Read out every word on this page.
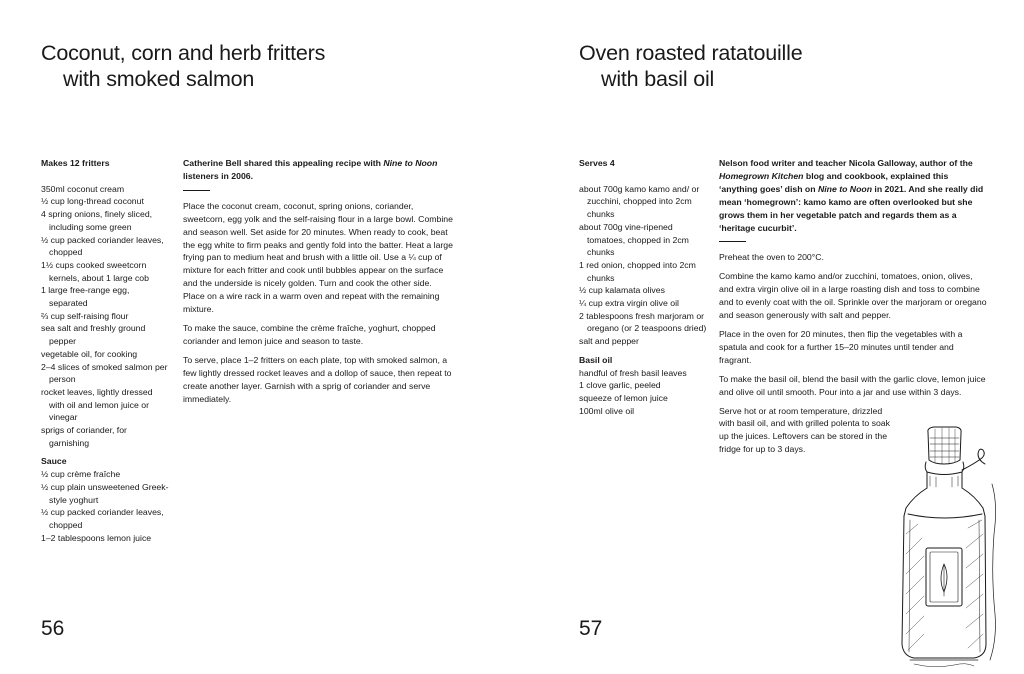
Coconut, corn and herb fritters
with smoked salmon
Makes 12 fritters
350ml coconut cream
½ cup long-thread coconut
4 spring onions, finely sliced, including some green
½ cup packed coriander leaves, chopped
1½ cups cooked sweetcorn kernels, about 1 large cob
1 large free-range egg, separated
⅔ cup self-raising flour
sea salt and freshly ground pepper
vegetable oil, for cooking
2–4 slices of smoked salmon per person
rocket leaves, lightly dressed with oil and lemon juice or vinegar
sprigs of coriander, for garnishing
Sauce
½ cup crème fraîche
½ cup plain unsweetened Greek-style yoghurt
½ cup packed coriander leaves, chopped
1–2 tablespoons lemon juice

Catherine Bell shared this appealing recipe with Nine to Noon listeners in 2006.

Place the coconut cream, coconut, spring onions, coriander, sweetcorn, egg yolk and the self-raising flour in a large bowl. Combine and season well. Set aside for 20 minutes. When ready to cook, beat the egg white to firm peaks and gently fold into the batter. Heat a large frying pan to medium heat and brush with a little oil. Use a ¼ cup of mixture for each fritter and cook until bubbles appear on the surface and the underside is nicely golden. Turn and cook the other side. Place on a wire rack in a warm oven and repeat with the remaining mixture.

To make the sauce, combine the crème fraîche, yoghurt, chopped coriander and lemon juice and season to taste.

To serve, place 1–2 fritters on each plate, top with smoked salmon, a few lightly dressed rocket leaves and a dollop of sauce, then repeat to create another layer. Garnish with a sprig of coriander and serve immediately.

56
Oven roasted ratatouille
with basil oil
Serves 4
about 700g kamo kamo and/ or zucchini, chopped into 2cm chunks
about 700g vine-ripened tomatoes, chopped in 2cm chunks
1 red onion, chopped into 2cm chunks
½ cup kalamata olives
¼ cup extra virgin olive oil
2 tablespoons fresh marjoram or oregano (or 2 teaspoons dried)
salt and pepper
Basil oil
handful of fresh basil leaves
1 clove garlic, peeled
squeeze of lemon juice
100ml olive oil

Nelson food writer and teacher Nicola Galloway, author of the Homegrown Kitchen blog and cookbook, explained this ‘anything goes’ dish on Nine to Noon in 2021. And she really did mean ‘homegrown’: kamo kamo are often overlooked but she grows them in her vegetable patch and regards them as a ‘heritage cucurbit’.

Preheat the oven to 200°C.

Combine the kamo kamo and/or zucchini, tomatoes, onion, olives, and extra virgin olive oil in a large roasting dish and toss to combine and to evenly coat with the oil. Sprinkle over the marjoram or oregano and season generously with salt and pepper.

Place in the oven for 20 minutes, then flip the vegetables with a spatula and cook for a further 15–20 minutes until tender and fragrant.

To make the basil oil, blend the basil with the garlic clove, lemon juice and olive oil until smooth. Pour into a jar and use within 3 days.

Serve hot or at room temperature, drizzled with basil oil, and with grilled polenta to soak up the juices. Leftovers can be stored in the fridge for up to 3 days.

57
